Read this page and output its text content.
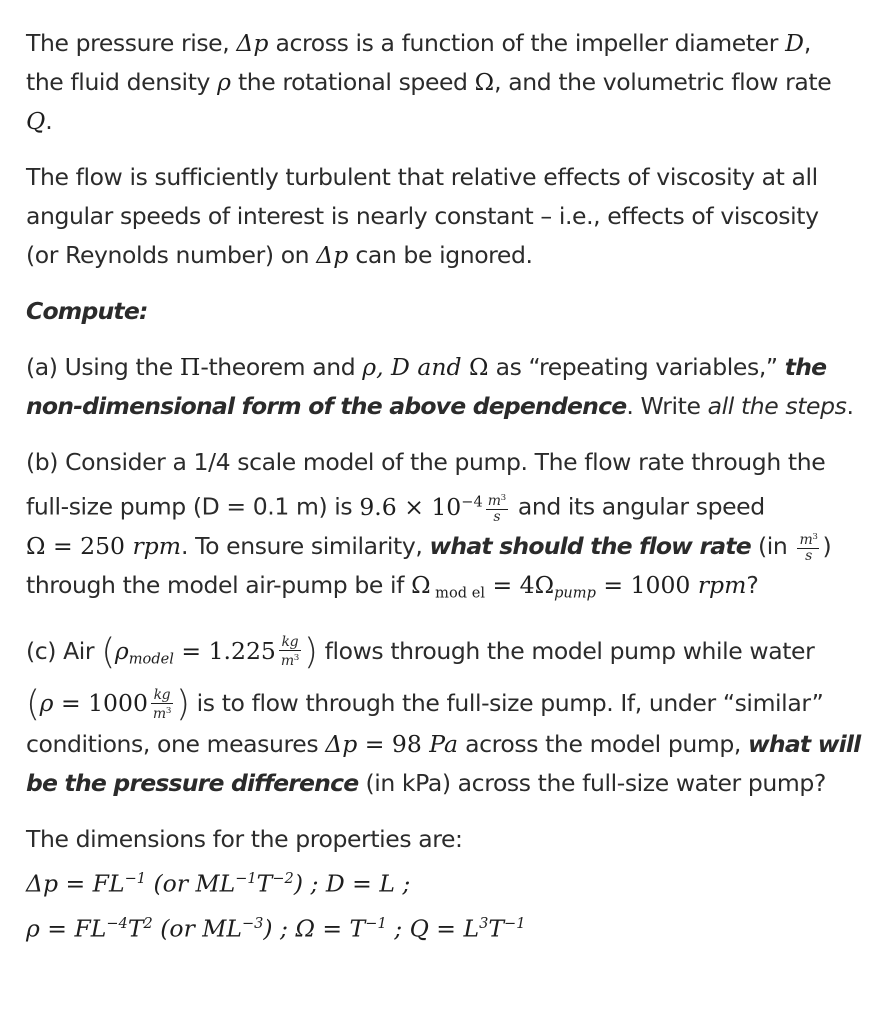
The pressure rise, Δp across is a function of the impeller diameter D,

the fluid density ρ the rotational speed Ω, and the volumetric flow rate

Q.

The flow is sufficiently turbulent that relative effects of viscosity at all

angular speeds of interest is nearly constant – i.e., effects of viscosity

(or Reynolds number) on Δp can be ignored.

Compute:

(a) Using the Π-theorem and ρ, D and Ω as “repeating variables,” the

non-dimensional form of the above dependence. Write all the steps.

(b) Consider a 1/4 scale model of the pump. The flow rate through the

full-size pump (D = 0.1 m) is $9.6 \times 10^{-4} \frac{m^3}{s}$ and its angular speed

Ω = 250 rpm. To ensure similarity, what should the flow rate ($in \frac{m^3}{s}$ )

through the model air-pump be if Ω $_{mod el} = 4\Omega_{pump} = 1000$ rpm?

(c) Air ($\rho_{model} = 1.225 \frac{kg}{m^3}$ ) flows through the model pump while water

($\rho = 1000 \frac{kg}{m^3}$ ) is to flow through the full-size pump. If, under “similar”

conditions, one measures Δp = 98 Pa across the model pump, what will

be the pressure difference (in kPa) across the full-size water pump?

The dimensions for the properties are:

$\Delta p = FL^{-1}$ (or $ML^{-1}T^{-2}$) ; D = L ;

$\rho = FL^{-4}T^2$ (or $ML^{-3}$) ; $\Omega = T^{-1}$ ; $Q = L^3T^{-1}$
